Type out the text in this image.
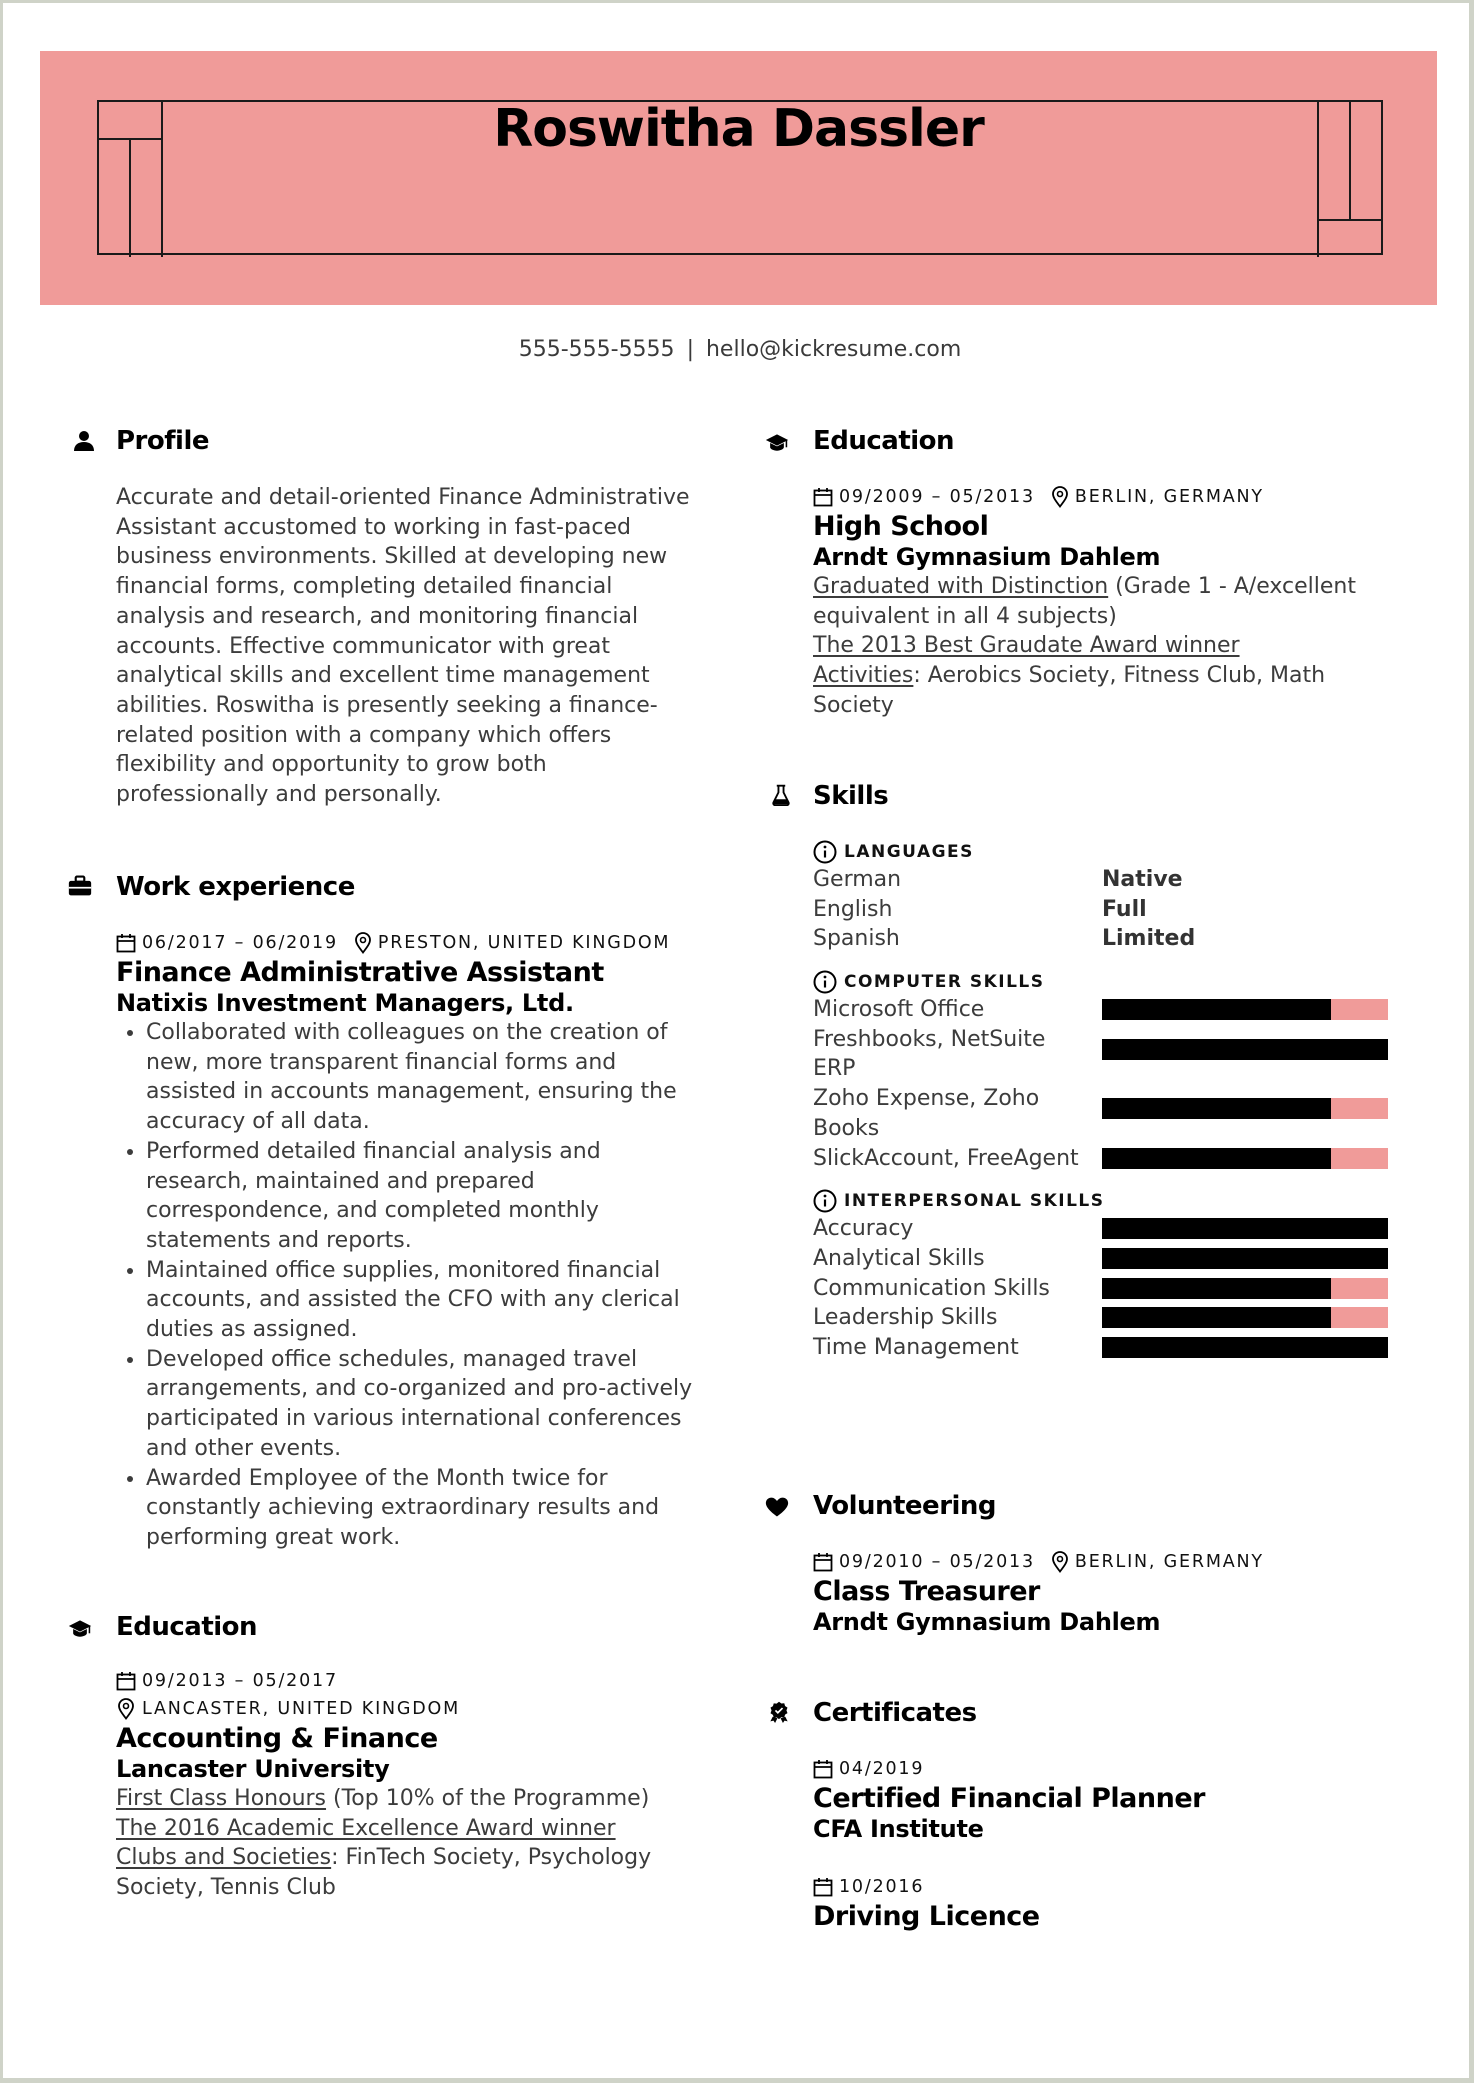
Roswitha Dassler
555-555-5555 | hello@kickresume.com
Profile
Accurate and detail-oriented Finance Administrative
Assistant accustomed to working in fast-paced
business environments. Skilled at developing new
financial forms, completing detailed financial
analysis and research, and monitoring financial
accounts. Effective communicator with great
analytical skills and excellent time management
abilities. Roswitha is presently seeking a finance-
related position with a company which offers
flexibility and opportunity to grow both
professionally and personally.
Work experience
06/2017 – 06/2019 PRESTON, UNITED KINGDOM
Finance Administrative Assistant
Natixis Investment Managers, Ltd.
• Collaborated with colleagues on the creation of
new, more transparent financial forms and
assisted in accounts management, ensuring the
accuracy of all data.
• Performed detailed financial analysis and
research, maintained and prepared
correspondence, and completed monthly
statements and reports.
• Maintained office supplies, monitored financial
accounts, and assisted the CFO with any clerical
duties as assigned.
• Developed office schedules, managed travel
arrangements, and co-organized and pro-actively
participated in various international conferences
and other events.
• Awarded Employee of the Month twice for
constantly achieving extraordinary results and
performing great work.
Education
09/2013 – 05/2017
LANCASTER, UNITED KINGDOM
Accounting & Finance
Lancaster University
First Class Honours (Top 10% of the Programme)
The 2016 Academic Excellence Award winner
Clubs and Societies: FinTech Society, Psychology
Society, Tennis Club
Education
09/2009 – 05/2013 BERLIN, GERMANY
High School
Arndt Gymnasium Dahlem
Graduated with Distinction (Grade 1 - A/excellent
equivalent in all 4 subjects)
The 2013 Best Graudate Award winner
Activities: Aerobics Society, Fitness Club, Math
Society
Skills
LANGUAGES
German	Native
English	Full
Spanish	Limited
COMPUTER SKILLS
Microsoft Office
Freshbooks, NetSuite
ERP
Zoho Expense, Zoho
Books
SlickAccount, FreeAgent
INTERPERSONAL SKILLS
Accuracy
Analytical Skills
Communication Skills
Leadership Skills
Time Management
Volunteering
09/2010 – 05/2013 BERLIN, GERMANY
Class Treasurer
Arndt Gymnasium Dahlem
Certificates
04/2019
Certified Financial Planner
CFA Institute
10/2016
Driving Licence
